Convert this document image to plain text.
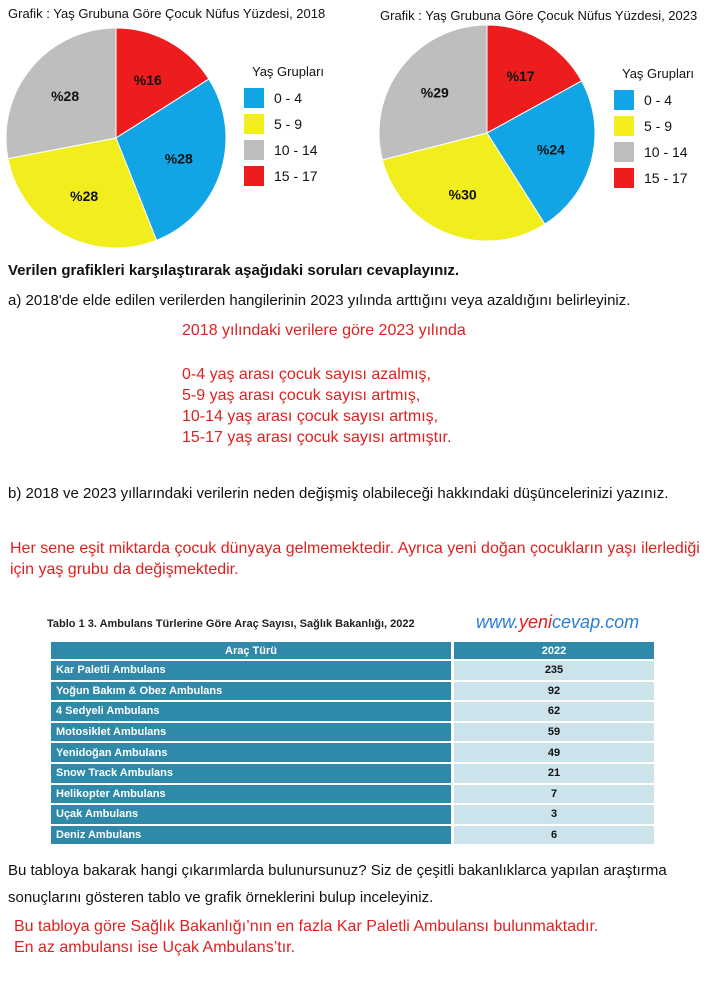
Grafik : Yaş Grubuna Göre Çocuk Nüfus Yüzdesi, 2018
%16
%28
%28
%28
Yaş Grupları
0 - 4
5 - 9
10 - 14
15 - 17
Grafik : Yaş Grubuna Göre Çocuk Nüfus Yüzdesi, 2023
%17
%24
%30
%29
Yaş Grupları
0 - 4
5 - 9
10 - 14
15 - 17
Verilen grafikleri karşılaştırarak aşağıdaki soruları cevaplayınız.
a) 2018'de elde edilen verilerden hangilerinin 2023 yılında arttığını veya azaldığını belirleyiniz.
2018 yılındaki verilere göre 2023 yılında
0-4 yaş arası çocuk sayısı azalmış,
5-9 yaş arası çocuk sayısı artmış,
10-14 yaş arası çocuk sayısı artmış,
15-17 yaş arası çocuk sayısı artmıştır.
b) 2018 ve 2023 yıllarındaki verilerin neden değişmiş olabileceği hakkındaki düşüncelerinizi yazınız.
Her sene eşit miktarda çocuk dünyaya gelmemektedir. Ayrıca yeni doğan çocukların yaşı ilerlediği için yaş grubu da değişmektedir.
Tablo 1 3. Ambulans Türlerine Göre Araç Sayısı, Sağlık Bakanlığı, 2022	www.yenicevap.com
Araç Türü	2022
Kar Paletli Ambulans	235
Yoğun Bakım & Obez Ambulans	92
4 Sedyeli Ambulans	62
Motosiklet Ambulans	59
Yenidoğan Ambulans	49
Snow Track Ambulans	21
Helikopter Ambulans	7
Uçak Ambulans	3
Deniz Ambulans	6
Bu tabloya bakarak hangi çıkarımlarda bulunursunuz? Siz de çeşitli bakanlıklarca yapılan araştırma sonuçlarını gösteren tablo ve grafik örneklerini bulup inceleyiniz.
Bu tabloya göre Sağlık Bakanlığı’nın en fazla Kar Paletli Ambulansı bulunmaktadır.
En az ambulansı ise Uçak Ambulans’tır.
